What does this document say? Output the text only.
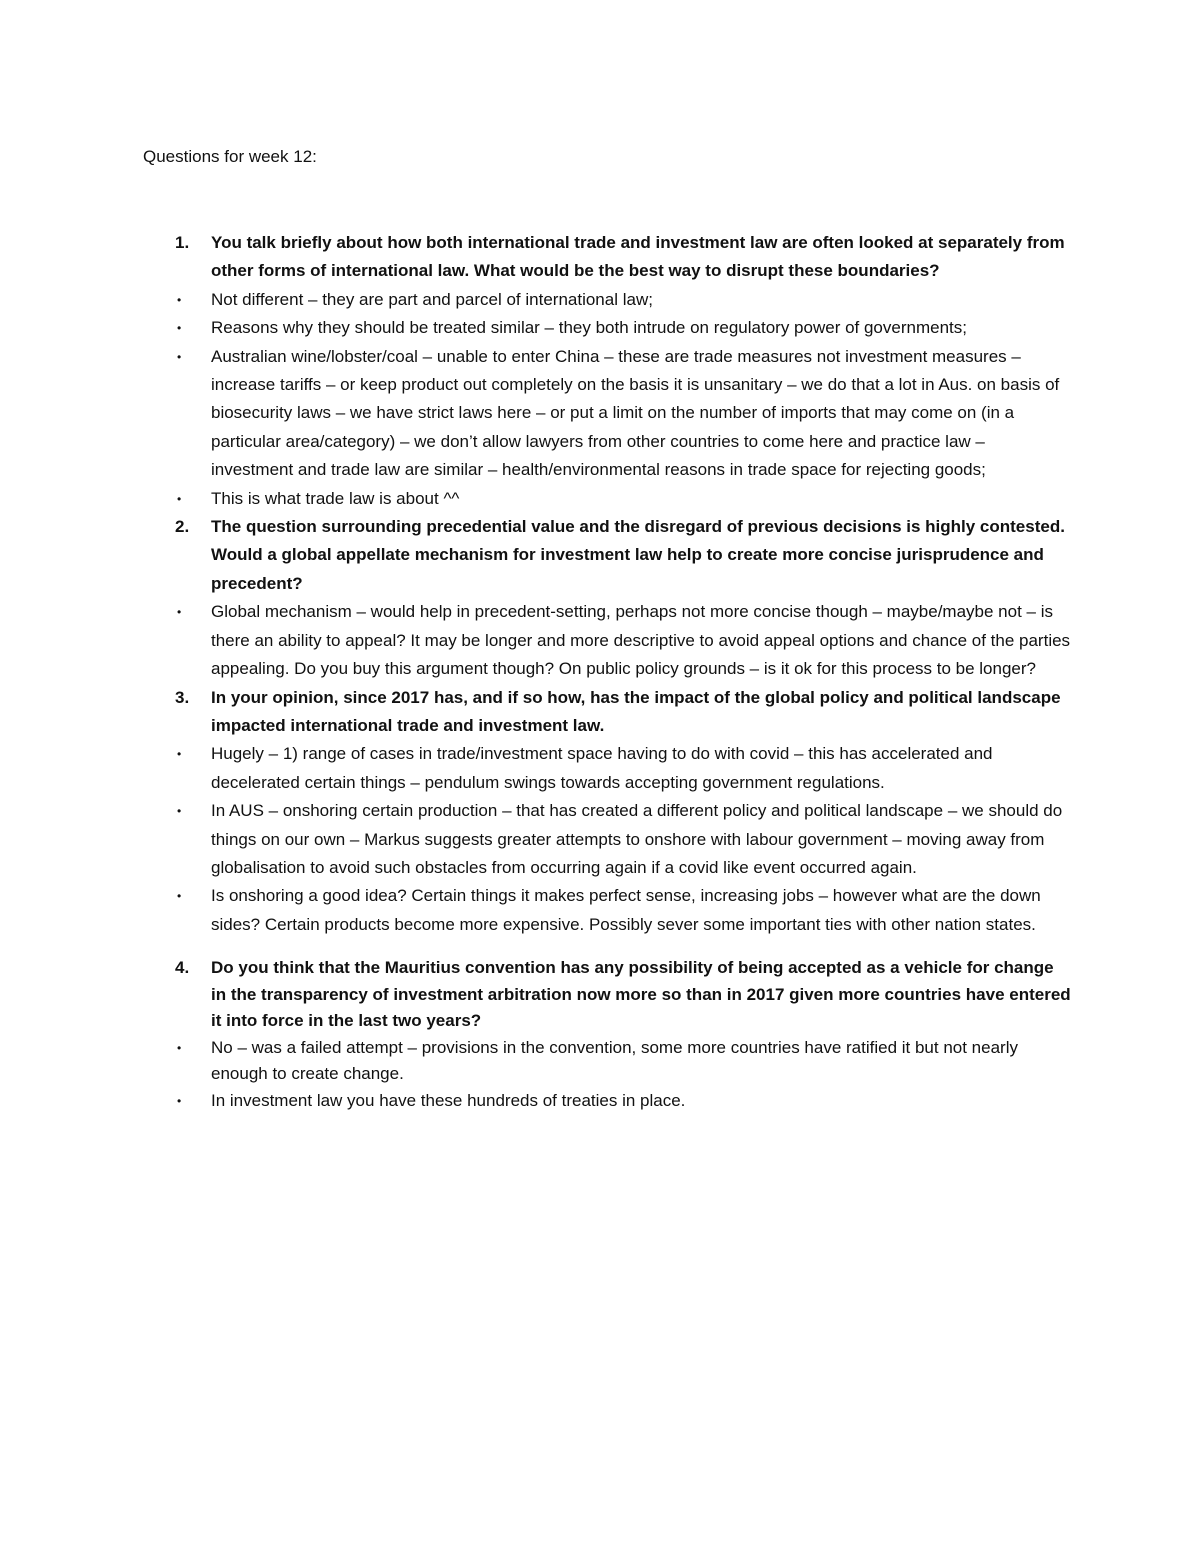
Questions for week 12:
1. You talk briefly about how both international trade and investment law are often looked at separately from other forms of international law. What would be the best way to disrupt these boundaries?
• Not different – they are part and parcel of international law;
• Reasons why they should be treated similar – they both intrude on regulatory power of governments;
• Australian wine/lobster/coal – unable to enter China – these are trade measures not investment measures – increase tariffs – or keep product out completely on the basis it is unsanitary – we do that a lot in Aus. on basis of biosecurity laws – we have strict laws here – or put a limit on the number of imports that may come on (in a particular area/category) – we don’t allow lawyers from other countries to come here and practice law – investment and trade law are similar – health/environmental reasons in trade space for rejecting goods;
• This is what trade law is about ^^
2. The question surrounding precedential value and the disregard of previous decisions is highly contested. Would a global appellate mechanism for investment law help to create more concise jurisprudence and precedent?
• Global mechanism – would help in precedent-setting, perhaps not more concise though – maybe/maybe not – is there an ability to appeal? It may be longer and more descriptive to avoid appeal options and chance of the parties appealing. Do you buy this argument though? On public policy grounds – is it ok for this process to be longer?
3. In your opinion, since 2017 has, and if so how, has the impact of the global policy and political landscape impacted international trade and investment law.
• Hugely – 1) range of cases in trade/investment space having to do with covid – this has accelerated and decelerated certain things – pendulum swings towards accepting government regulations.
• In AUS – onshoring certain production – that has created a different policy and political landscape – we should do things on our own – Markus suggests greater attempts to onshore with labour government – moving away from globalisation to avoid such obstacles from occurring again if a covid like event occurred again.
• Is onshoring a good idea? Certain things it makes perfect sense, increasing jobs – however what are the down sides? Certain products become more expensive. Possibly sever some important ties with other nation states.
4. Do you think that the Mauritius convention has any possibility of being accepted as a vehicle for change in the transparency of investment arbitration now more so than in 2017 given more countries have entered it into force in the last two years?
• No – was a failed attempt – provisions in the convention, some more countries have ratified it but not nearly enough to create change.
• In investment law you have these hundreds of treaties in place.
